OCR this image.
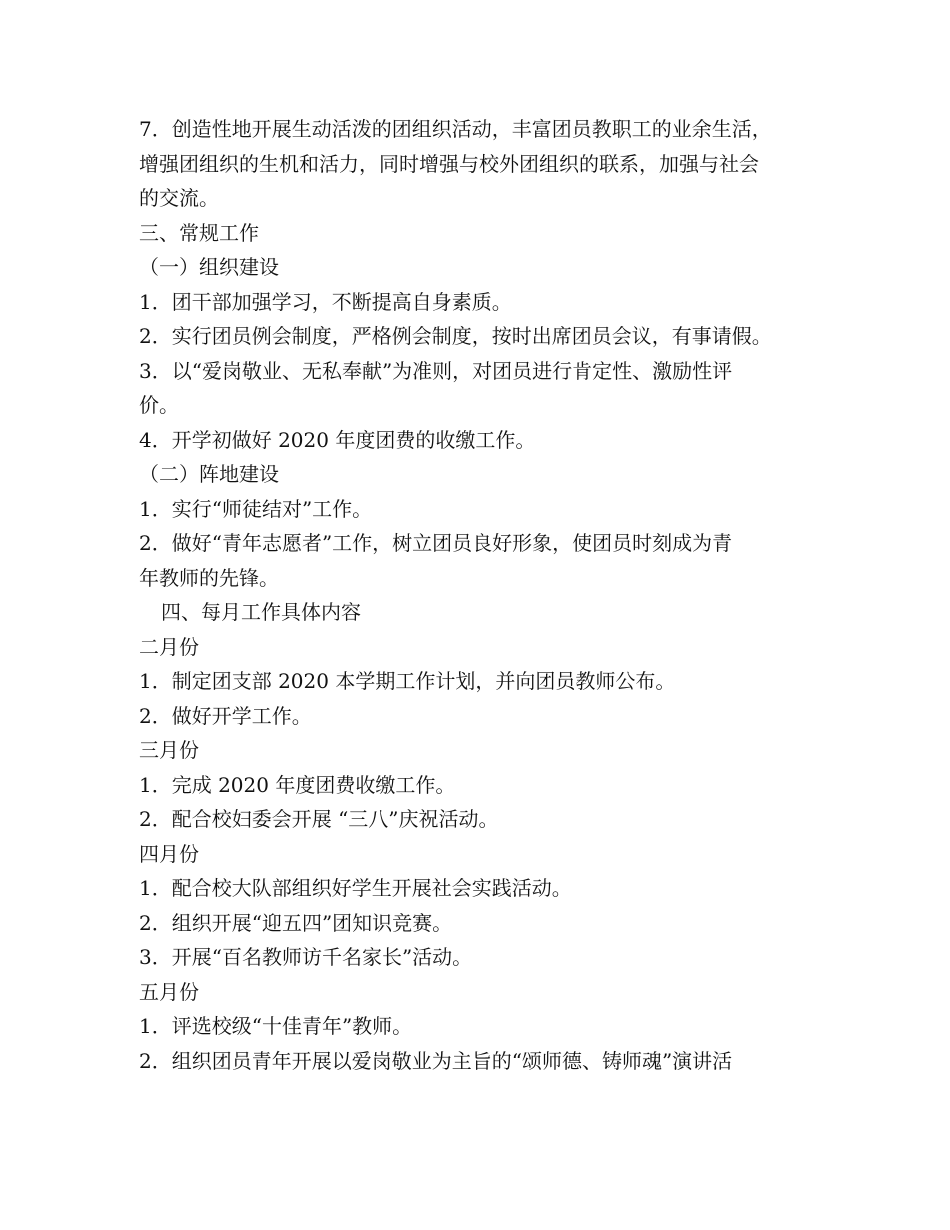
7．创造性地开展生动活泼的团组织活动，丰富团员教职工的业余生活，

增强团组织的生机和活力，同时增强与校外团组织的联系，加强与社会

的交流。

三、常规工作

（一）组织建设

1．团干部加强学习，不断提高自身素质。

2．实行团员例会制度，严格例会制度，按时出席团员会议，有事请假。

3．以“爱岗敬业、无私奉献”为准则，对团员进行肯定性、激励性评

价。

4．开学初做好 2020 年度团费的收缴工作。

（二）阵地建设

1．实行“师徒结对”工作。

2．做好“青年志愿者”工作，树立团员良好形象，使团员时刻成为青

年教师的先锋。

四、每月工作具体内容

二月份

1．制定团支部 2020 本学期工作计划，并向团员教师公布。

2．做好开学工作。

三月份

1．完成 2020 年度团费收缴工作。

2．配合校妇委会开展 “三八”庆祝活动。

四月份

1．配合校大队部组织好学生开展社会实践活动。

2．组织开展“迎五四”团知识竞赛。

3．开展“百名教师访千名家长”活动。

五月份

1．评选校级“十佳青年”教师。

2．组织团员青年开展以爱岗敬业为主旨的“颂师德、铸师魂”演讲活
